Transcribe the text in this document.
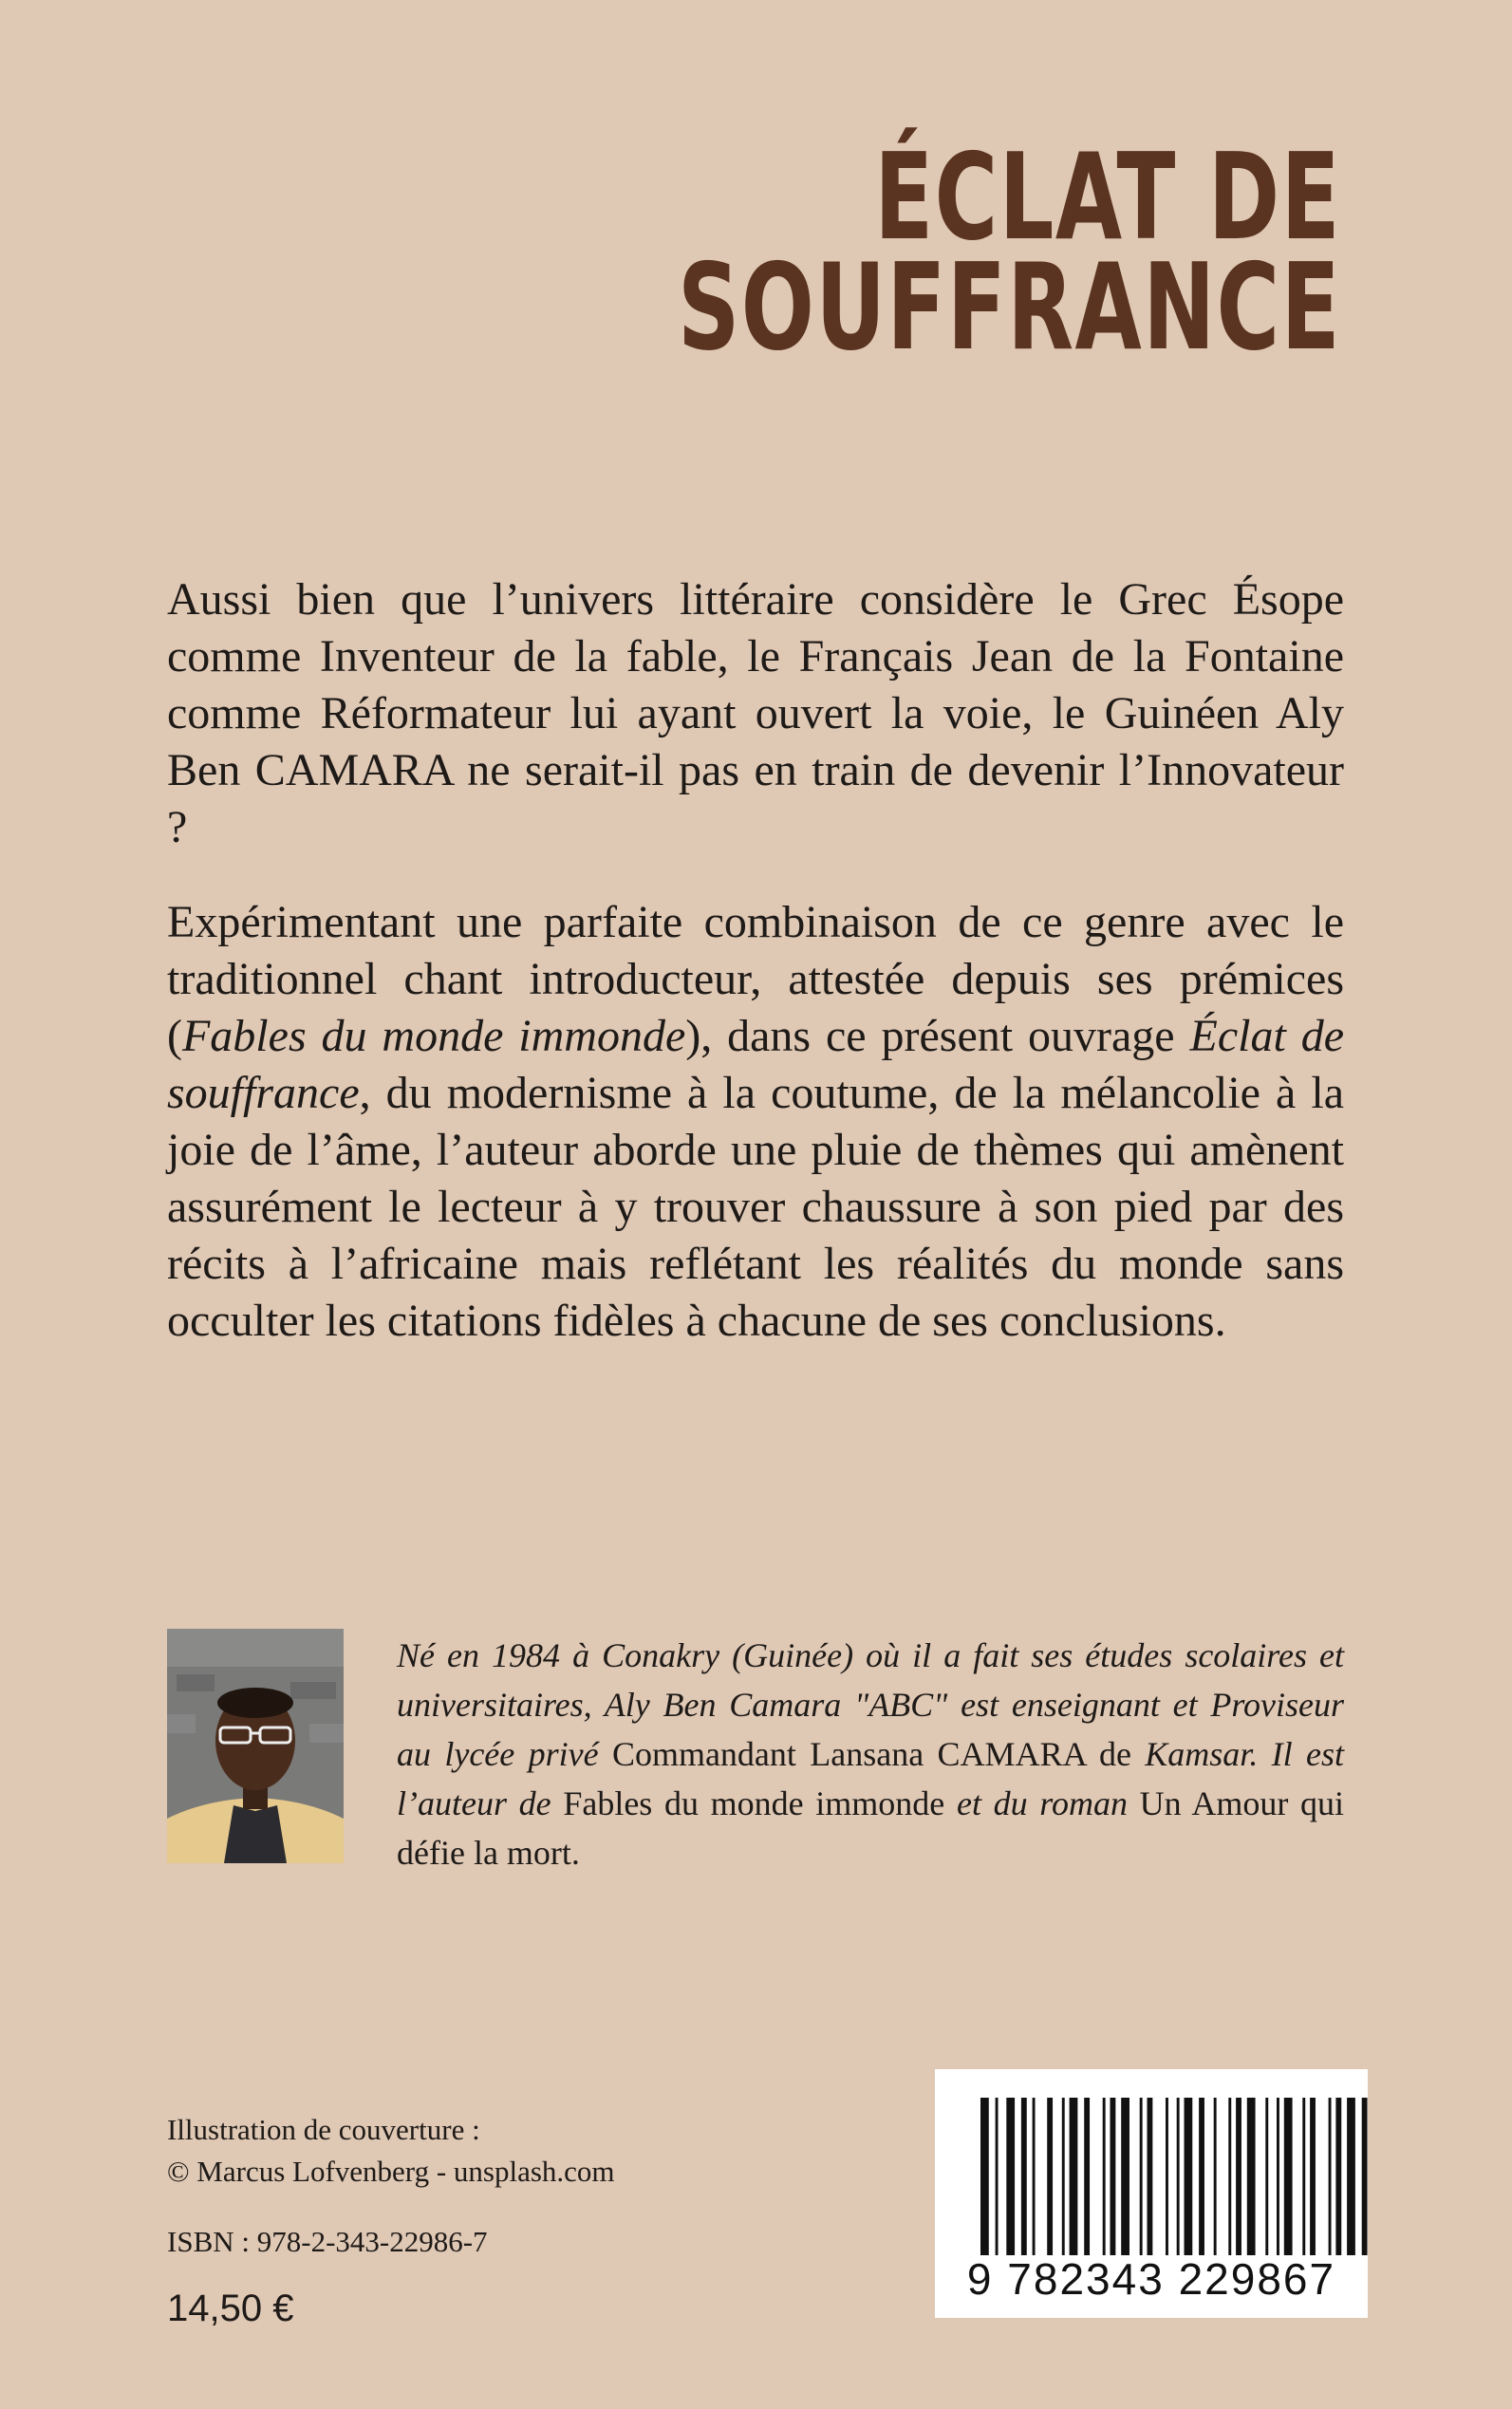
ÉCLAT DE
SOUFFRANCE

Aussi bien que l’univers littéraire considère le Grec Ésope comme Inventeur de la fable, le Français Jean de la Fontaine comme Réformateur lui ayant ouvert la voie, le Guinéen Aly Ben CAMARA ne serait-il pas en train de devenir l’Innovateur ?

Expérimentant une parfaite combinaison de ce genre avec le traditionnel chant introducteur, attestée depuis ses prémices (Fables du monde immonde), dans ce présent ouvrage Éclat de souffrance, du modernisme à la coutume, de la mélancolie à la joie de l’âme, l’auteur aborde une pluie de thèmes qui amènent assurément le lecteur à y trouver chaussure à son pied par des récits à l’africaine mais reflétant les réalités du monde sans occulter les citations fidèles à chacune de ses conclusions.

Né en 1984 à Conakry (Guinée) où il a fait ses études scolaires et universitaires, Aly Ben Camara "ABC" est enseignant et Proviseur au lycée privé Commandant Lansana CAMARA de Kamsar. Il est l’auteur de Fables du monde immonde et du roman Un Amour qui défie la mort.
Illustration de couverture :
© Marcus Lofvenberg - unsplash.com
ISBN : 978-2-343-22986-7
14,50 €
9 782343 229867
